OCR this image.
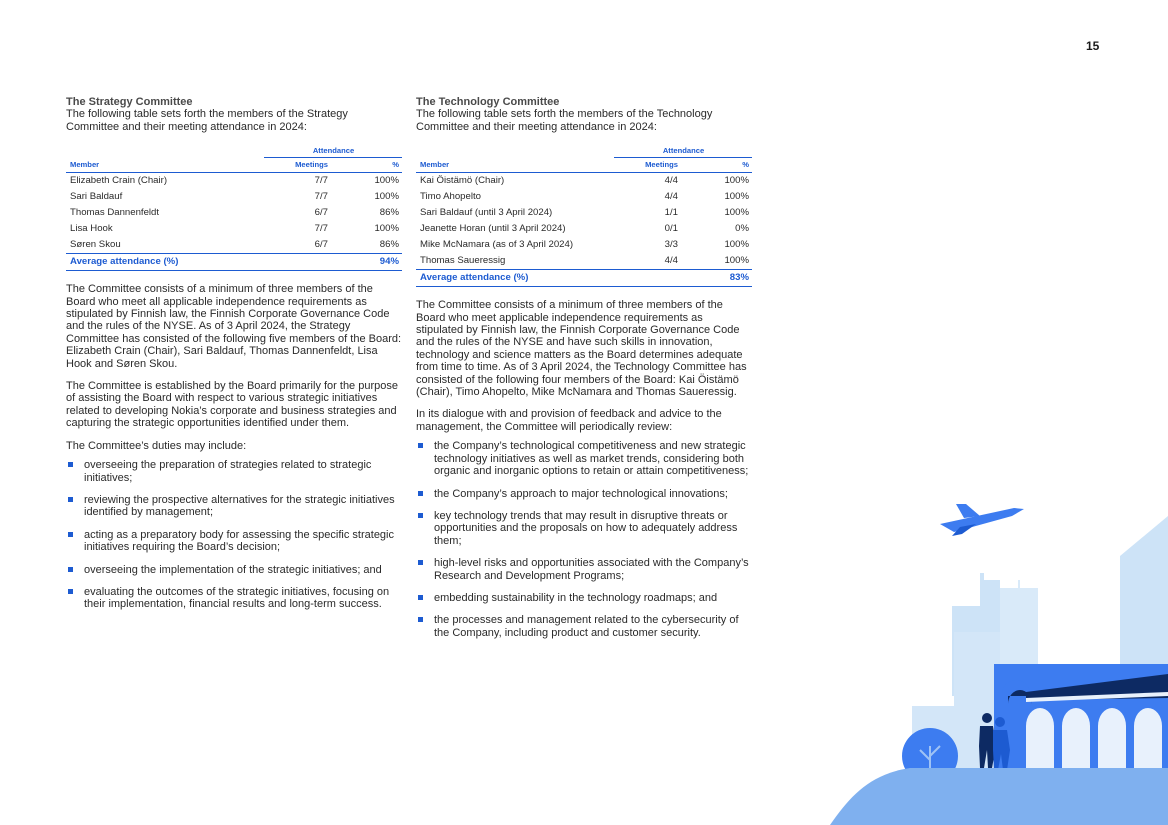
15
The Strategy Committee

The following table sets forth the members of the Strategy Committee and their meeting attendance in 2024:

	Attendance	
Member	Meetings	%
Elizabeth Crain (Chair)	7/7	100%
Sari Baldauf	7/7	100%
Thomas Dannenfeldt	6/7	86%
Lisa Hook	7/7	100%
Søren Skou	6/7	86%
Average attendance (%)		94%

The Committee consists of a minimum of three members of the Board who meet all applicable independence requirements as stipulated by Finnish law, the Finnish Corporate Governance Code and the rules of the NYSE. As of 3 April 2024, the Strategy Committee has consisted of the following five members of the Board: Elizabeth Crain (Chair), Sari Baldauf, Thomas Dannenfeldt, Lisa Hook and Søren Skou.

The Committee is established by the Board primarily for the purpose of assisting the Board with respect to various strategic initiatives related to developing Nokia’s corporate and business strategies and capturing the strategic opportunities identified under them.

The Committee’s duties may include:

overseeing the preparation of strategies related to strategic initiatives;
reviewing the prospective alternatives for the strategic initiatives identified by management;
acting as a preparatory body for assessing the specific strategic initiatives requiring the Board’s decision;
overseeing the implementation of the strategic initiatives; and
evaluating the outcomes of the strategic initiatives, focusing on their implementation, financial results and long-term success.
The Technology Committee

The following table sets forth the members of the Technology Committee and their meeting attendance in 2024:

	Attendance	
Member	Meetings	%
Kai Öistämö (Chair)	4/4	100%
Timo Ahopelto	4/4	100%
Sari Baldauf (until 3 April 2024)	1/1	100%
Jeanette Horan (until 3 April 2024)	0/1	0%
Mike McNamara (as of 3 April 2024)	3/3	100%
Thomas Saueressig	4/4	100%
Average attendance (%)		83%

The Committee consists of a minimum of three members of the Board who meet applicable independence requirements as stipulated by Finnish law, the Finnish Corporate Governance Code and the rules of the NYSE and have such skills in innovation, technology and science matters as the Board determines adequate from time to time. As of 3 April 2024, the Technology Committee has consisted of the following four members of the Board: Kai Öistämö (Chair), Timo Ahopelto, Mike McNamara and Thomas Saueressig.

In its dialogue with and provision of feedback and advice to the management, the Committee will periodically review:

the Company’s technological competitiveness and new strategic technology initiatives as well as market trends, considering both organic and inorganic options to retain or attain competitiveness;
the Company’s approach to major technological innovations;
key technology trends that may result in disruptive threats or opportunities and the proposals on how to adequately address them;
high-level risks and opportunities associated with the Company’s Research and Development Programs;
embedding sustainability in the technology roadmaps; and
the processes and management related to the cybersecurity of the Company, including product and customer security.
